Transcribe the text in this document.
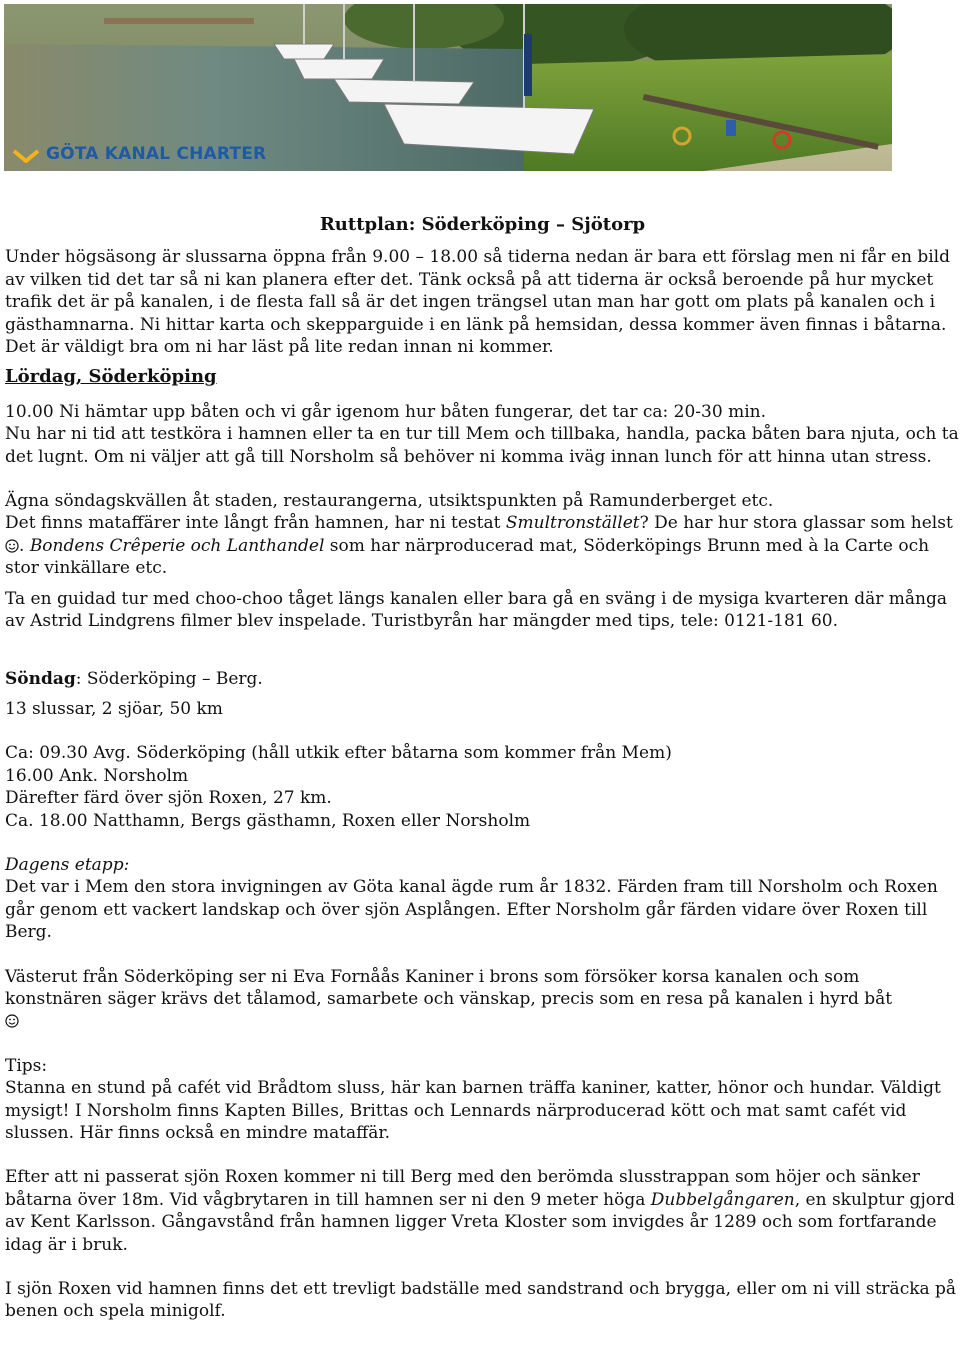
GÖTA KANAL CHARTER

Ruttplan: Söderköping – Sjötorp

Under högsäsong är slussarna öppna från 9.00 – 18.00 så tiderna nedan är bara ett förslag men ni får en bild av vilken tid det tar så ni kan planera efter det. Tänk också på att tiderna är också beroende på hur mycket trafik det är på kanalen, i de flesta fall så är det ingen trängsel utan man har gott om plats på kanalen och i gästhamnarna. Ni hittar karta och skepparguide i en länk på hemsidan, dessa kommer även finnas i båtarna. Det är väldigt bra om ni har läst på lite redan innan ni kommer.

Lördag, Söderköping

10.00 Ni hämtar upp båten och vi går igenom hur båten fungerar, det tar ca: 20-30 min.

Nu har ni tid att testköra i hamnen eller ta en tur till Mem och tillbaka, handla, packa båten bara njuta, och ta det lugnt. Om ni väljer att gå till Norsholm så behöver ni komma iväg innan lunch för att hinna utan stress.

Ägna söndagskvällen åt staden, restaurangerna, utsiktspunkten på Ramunderberget etc.

Det finns mataffärer inte långt från hamnen, har ni testat Smultronstället? De har hur stora glassar som helst. Bondens Crêperie och Lanthandel som har närproducerad mat, Söderköpings Brunn med à la Carte och stor vinkällare etc.

Ta en guidad tur med choo-choo tåget längs kanalen eller bara gå en sväng i de mysiga kvarteren där många av Astrid Lindgrens filmer blev inspelade. Turistbyrån har mängder med tips, tele: 0121-181 60.

Söndag: Söderköping – Berg.

13 slussar, 2 sjöar, 50 km

Ca: 09.30 Avg. Söderköping (håll utkik efter båtarna som kommer från Mem)

16.00 Ank. Norsholm

Därefter färd över sjön Roxen, 27 km.

Ca. 18.00 Natthamn, Bergs gästhamn, Roxen eller Norsholm

Dagens etapp:

Det var i Mem den stora invigningen av Göta kanal ägde rum år 1832. Färden fram till Norsholm och Roxen går genom ett vackert landskap och över sjön Asplången. Efter Norsholm går färden vidare över Roxen till Berg.

Västerut från Söderköping ser ni Eva Fornåås Kaniner i brons som försöker korsa kanalen och som konstnären säger krävs det tålamod, samarbete och vänskap, precis som en resa på kanalen i hyrd båt

Tips:

Stanna en stund på cafét vid Brådtom sluss, här kan barnen träffa kaniner, katter, hönor och hundar. Väldigt mysigt! I Norsholm finns Kapten Billes, Brittas och Lennards närproducerad kött och mat samt cafét vid slussen. Här finns också en mindre mataffär.

Efter att ni passerat sjön Roxen kommer ni till Berg med den berömda slusstrappan som höjer och sänker båtarna över 18m. Vid vågbrytaren in till hamnen ser ni den 9 meter höga Dubbelgångaren, en skulptur gjord av Kent Karlsson. Gångavstånd från hamnen ligger Vreta Kloster som invigdes år 1289 och som fortfarande idag är i bruk.

I sjön Roxen vid hamnen finns det ett trevligt badställe med sandstrand och brygga, eller om ni vill sträcka på benen och spela minigolf.
